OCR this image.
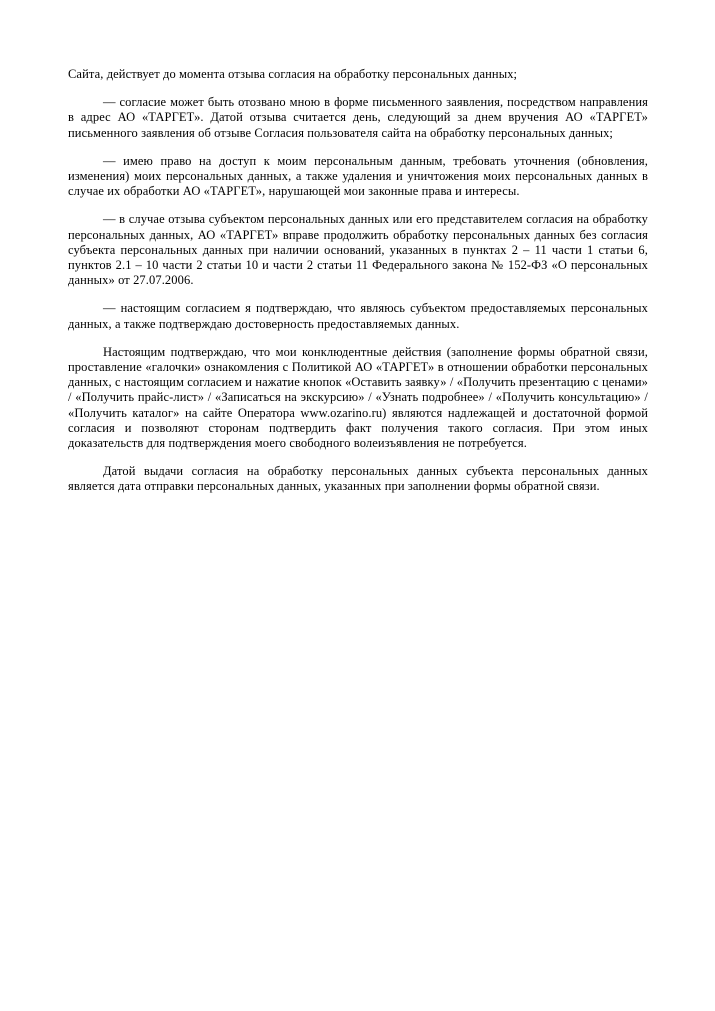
Сайта, действует до момента отзыва согласия на обработку персональных данных;

— согласие может быть отозвано мною в форме письменного заявления, посредством направления в адрес АО «ТАРГЕТ». Датой отзыва считается день, следующий за днем вручения АО «ТАРГЕТ» письменного заявления об отзыве Согласия пользователя сайта на обработку персональных данных;

— имею право на доступ к моим персональным данным, требовать уточнения (обновления, изменения) моих персональных данных, а также удаления и уничтожения моих персональных данных в случае их обработки АО «ТАРГЕТ», нарушающей мои законные права и интересы.

— в случае отзыва субъектом персональных данных или его представителем согласия на обработку персональных данных, АО «ТАРГЕТ» вправе продолжить обработку персональных данных без согласия субъекта персональных данных при наличии оснований, указанных в пунктах 2 – 11 части 1 статьи 6, пунктов 2.1 – 10 части 2 статьи 10 и части 2 статьи 11 Федерального закона № 152-ФЗ «О персональных данных» от 27.07.2006.

— настоящим согласием я подтверждаю, что являюсь субъектом предоставляемых персональных данных, а также подтверждаю достоверность предоставляемых данных.

Настоящим подтверждаю, что мои конклюдентные действия (заполнение формы обратной связи, проставление «галочки» ознакомления с Политикой АО «ТАРГЕТ» в отношении обработки персональных данных, с настоящим согласием и нажатие кнопок «Оставить заявку» / «Получить презентацию с ценами» / «Получить прайс-лист» / «Записаться на экскурсию» / «Узнать подробнее» / «Получить консультацию» / «Получить каталог» на сайте Оператора www.ozarino.ru) являются надлежащей и достаточной формой согласия и позволяют сторонам подтвердить факт получения такого согласия. При этом иных доказательств для подтверждения моего свободного волеизъявления не потребуется.

Датой выдачи согласия на обработку персональных данных субъекта персональных данных является дата отправки персональных данных, указанных при заполнении формы обратной связи.
